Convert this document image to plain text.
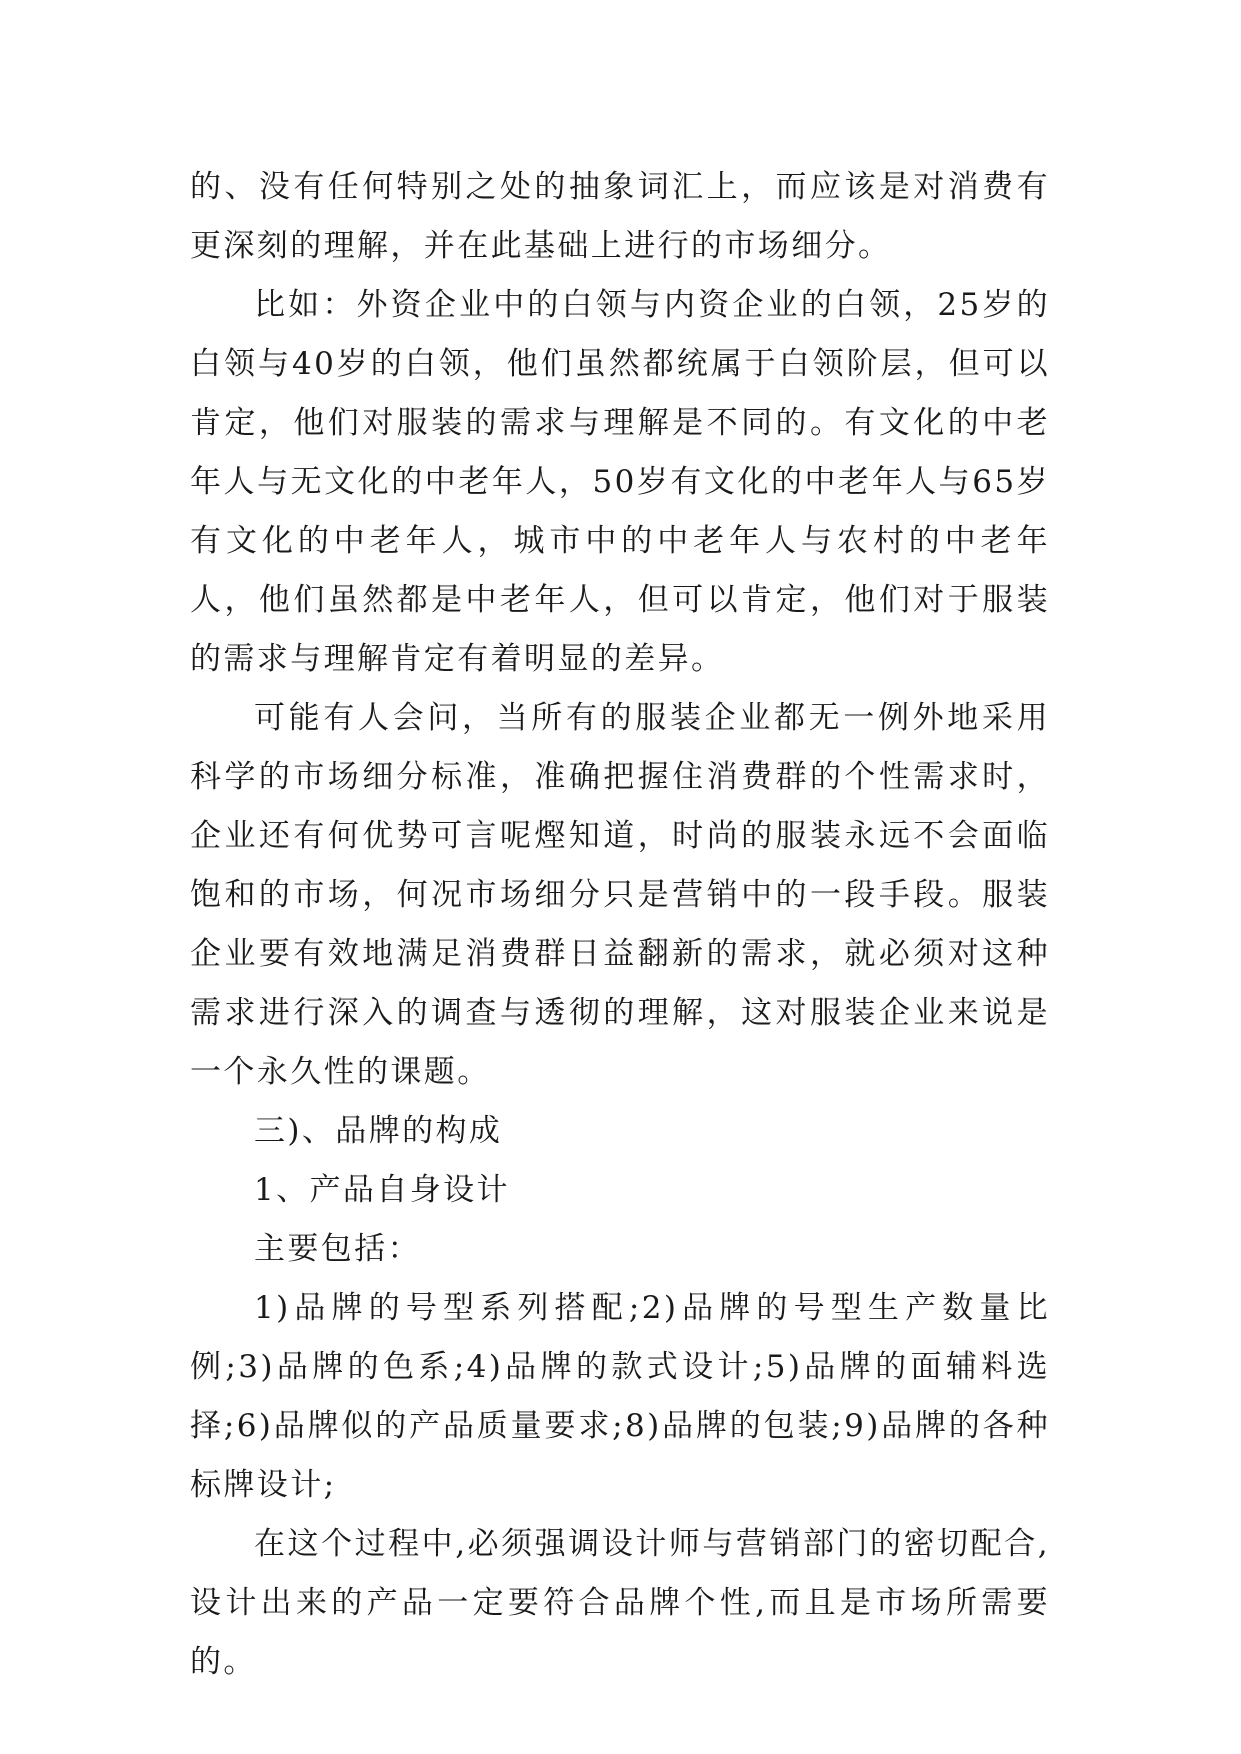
的、没有任何特别之处的抽象词汇上，而应该是对消费有更深刻的理解，并在此基础上进行的市场细分。

比如：外资企业中的白领与内资企业的白领，25岁的白领与40岁的白领，他们虽然都统属于白领阶层，但可以肯定，他们对服装的需求与理解是不同的。有文化的中老年人与无文化的中老年人，50岁有文化的中老年人与65岁有文化的中老年人，城市中的中老年人与农村的中老年人，他们虽然都是中老年人，但可以肯定，他们对于服装的需求与理解肯定有着明显的差异。

可能有人会问，当所有的服装企业都无一例外地采用科学的市场细分标准，准确把握住消费群的个性需求时，企业还有何优势可言呢熞知道，时尚的服装永远不会面临饱和的市场，何况市场细分只是营销中的一段手段。服装企业要有效地满足消费群日益翻新的需求，就必须对这种需求进行深入的调查与透彻的理解，这对服装企业来说是一个永久性的课题。

三)、品牌的构成

1、产品自身设计

主要包括：

1)品牌的号型系列搭配;2)品牌的号型生产数量比例;3)品牌的色系;4)品牌的款式设计;5)品牌的面辅料选择;6)品牌似的产品质量要求;8)品牌的包装;9)品牌的各种标牌设计;

在这个过程中,必须强调设计师与营销部门的密切配合,设计出来的产品一定要符合品牌个性,而且是市场所需要的。
